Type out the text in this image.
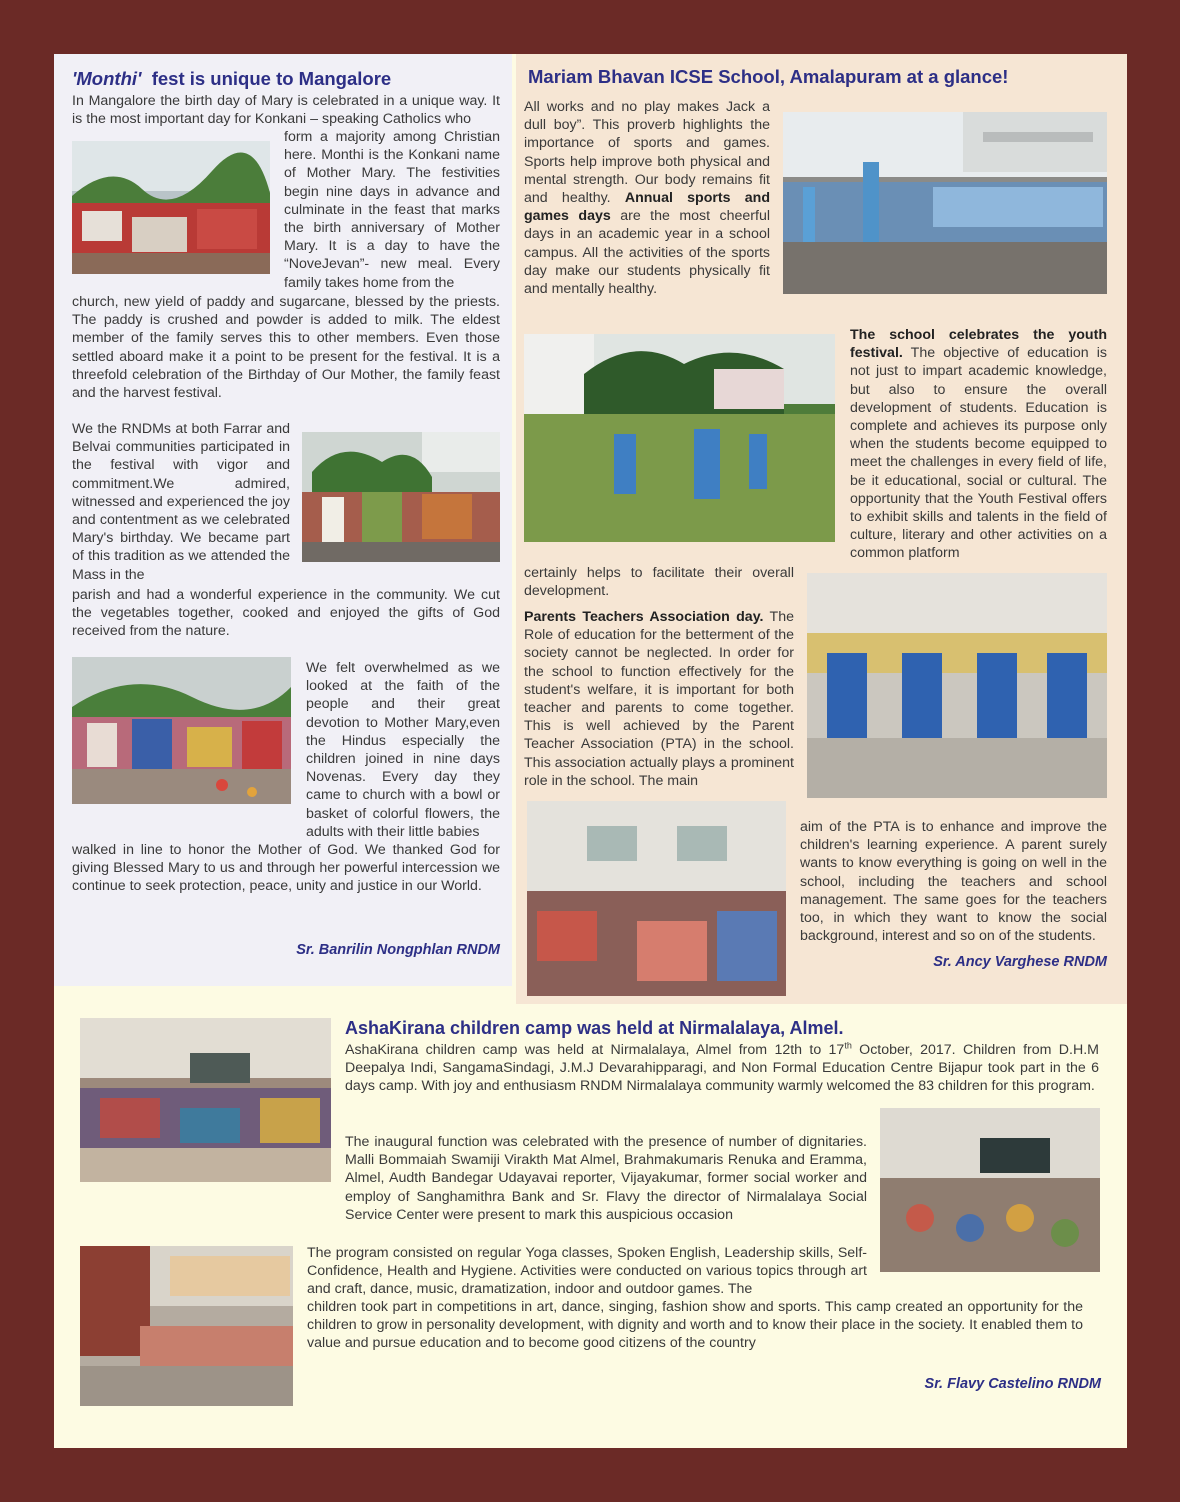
'Monthi' fest is unique to Mangalore
In Mangalore the birth day of Mary is celebrated in a unique way. It is the most important day for Konkani – speaking Catholics who
form a majority among Christian here. Monthi is the Konkani name of Mother Mary. The festivities begin nine days in advance and culminate in the feast that marks the birth anniversary of Mother Mary. It is a day to have the “NoveJevan”- new meal. Every family takes home from the
church, new yield of paddy and sugarcane, blessed by the priests. The paddy is crushed and powder is added to milk. The eldest member of the family serves this to other members. Even those settled aboard make it a point to be present for the festival. It is a threefold celebration of the Birthday of Our Mother, the family feast and the harvest festival.
We the RNDMs at both Farrar and Belvai communities participated in the festival with vigor and commitment.We admired, witnessed and experienced the joy and contentment as we celebrated Mary's birthday. We became part of this tradition as we attended the Mass in the
parish and had a wonderful experience in the community. We cut the vegetables together, cooked and enjoyed the gifts of God received from the nature.
We felt overwhelmed as we looked at the faith of the people and their great devotion to Mother Mary,even the Hindus especially the children joined in nine days Novenas. Every day they came to church with a bowl or basket of colorful flowers, the adults with their little babies
walked in line to honor the Mother of God. We thanked God for giving Blessed Mary to us and through her powerful intercession we continue to seek protection, peace, unity and justice in our World.
Sr. Banrilin Nongphlan RNDM
Mariam Bhavan ICSE School, Amalapuram at a glance!
All works and no play makes Jack a dull boy”. This proverb highlights the importance of sports and games. Sports help improve both physical and mental strength. Our body remains fit and healthy. Annual sports and games days are the most cheerful days in an academic year in a school campus. All the activities of the sports day make our students physically fit and mentally healthy.
The school celebrates the youth festival. The objective of education is not just to impart academic knowledge, but also to ensure the overall development of students. Education is complete and achieves its purpose only when the students become equipped to meet the challenges in every field of life, be it educational, social or cultural. The opportunity that the Youth Festival offers to exhibit skills and talents in the field of culture, literary and other activities on a common platform
certainly helps to facilitate their overall development.
Parents Teachers Association day. The Role of education for the betterment of the society cannot be neglected. In order for the school to function effectively for the student's welfare, it is important for both teacher and parents to come together. This is well achieved by the Parent Teacher Association (PTA) in the school. This association actually plays a prominent role in the school. The main
aim of the PTA is to enhance and improve the children's learning experience. A parent surely wants to know everything is going on well in the school, including the teachers and school management. The same goes for the teachers too, in which they want to know the social background, interest and so on of the students.
Sr. Ancy Varghese RNDM
AshaKirana children camp was held at Nirmalalaya, Almel.
AshaKirana children camp was held at Nirmalalaya, Almel from 12th to 17th October, 2017. Children from D.H.M Deepalya Indi, SangamaSindagi, J.M.J Devarahipparagi, and Non Formal Education Centre Bijapur took part in the 6 days camp. With joy and enthusiasm RNDM Nirmalalaya community warmly welcomed the 83 children for this program.
The inaugural function was celebrated with the presence of number of dignitaries. Malli Bommaiah Swamiji Virakth Mat Almel, Brahmakumaris Renuka and Eramma, Almel, Audth Bandegar Udayavai reporter, Vijayakumar, former social worker and employ of Sanghamithra Bank and Sr. Flavy the director of Nirmalalaya Social Service Center were present to mark this auspicious occasion
The program consisted on regular Yoga classes, Spoken English, Leadership skills, Self-Confidence, Health and Hygiene. Activities were conducted on various topics through art and craft, dance, music, dramatization, indoor and outdoor games. The
children took part in competitions in art, dance, singing, fashion show and sports. This camp created an opportunity for the children to grow in personality development, with dignity and worth and to know their place in the society. It enabled them to value and pursue education and to become good citizens of the country
Sr. Flavy Castelino RNDM
